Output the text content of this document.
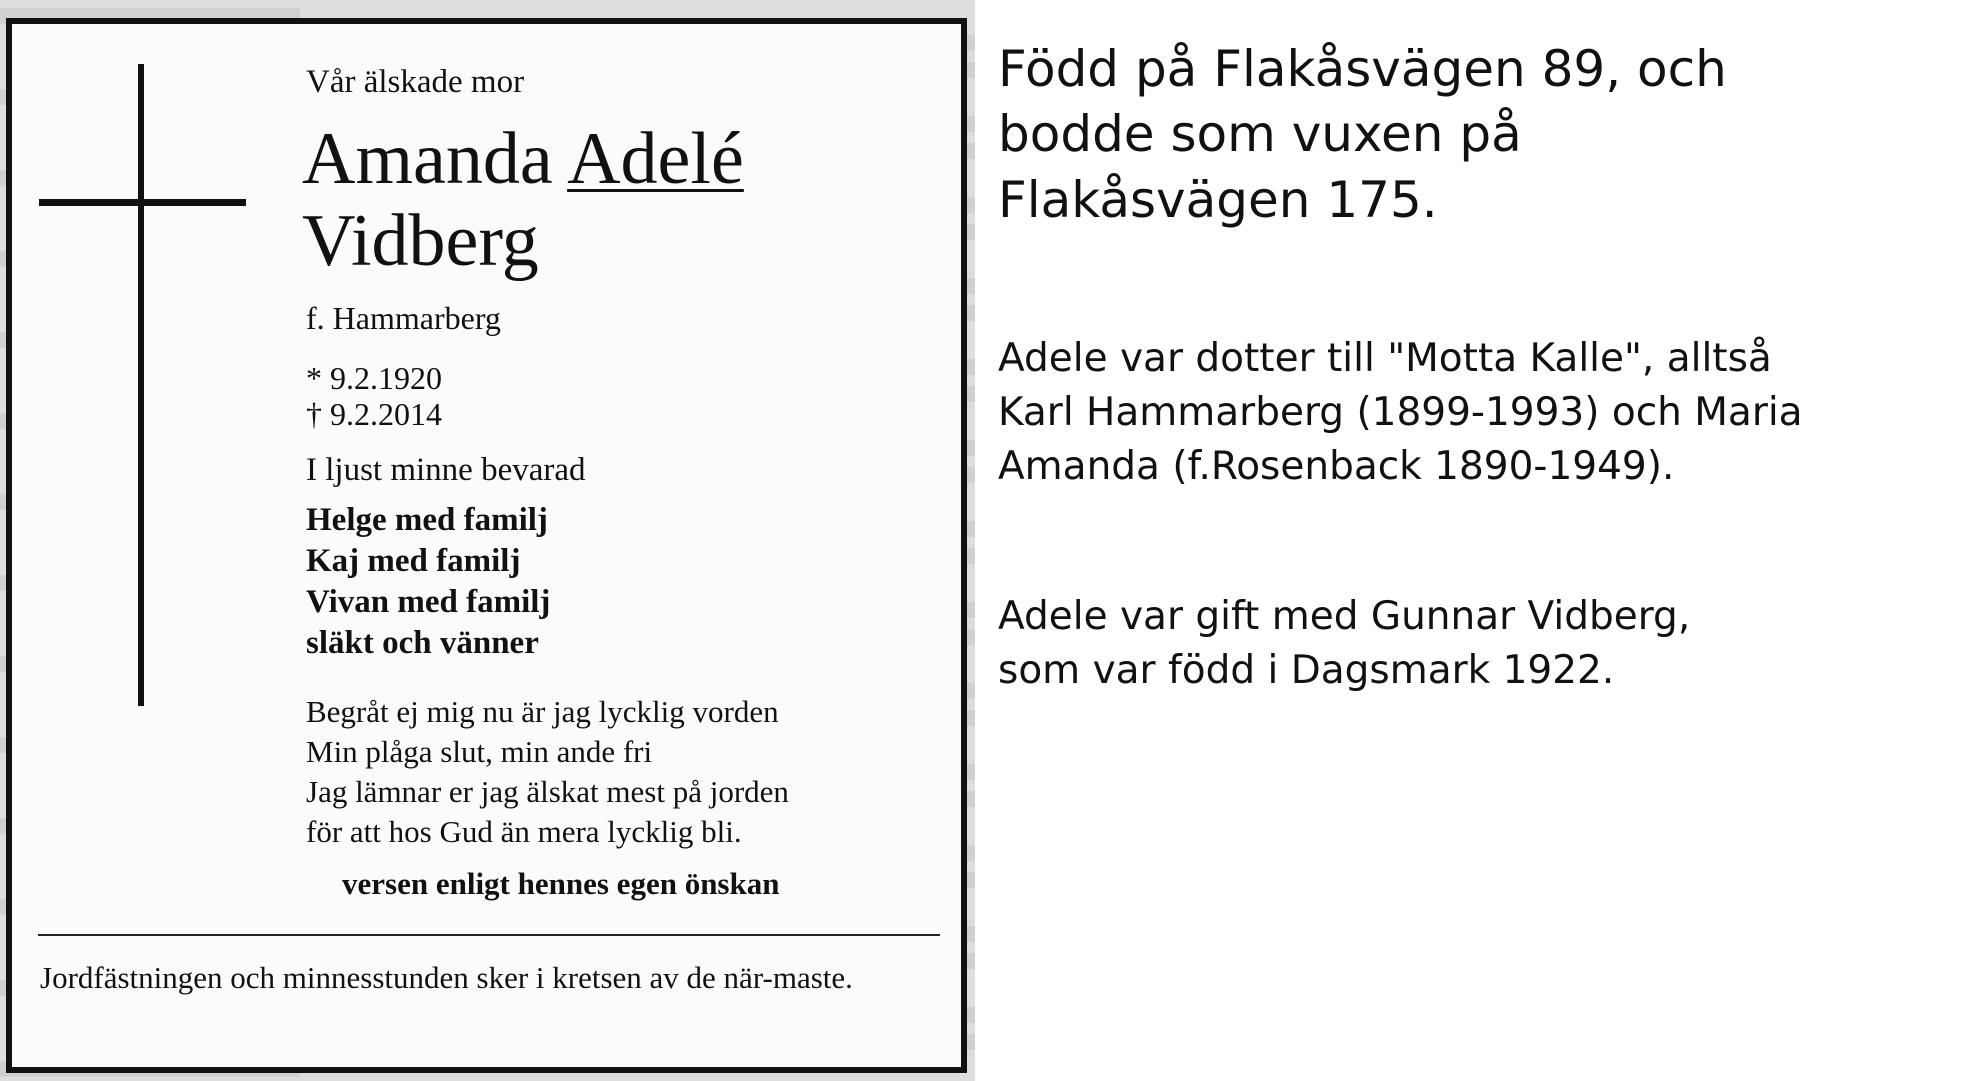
Vår älskade mor
Amanda Adelé
Vidberg
f. Hammarberg
* 9.2.1920
† 9.2.2014
I ljust minne bevarad
Helge med familj
Kaj med familj
Vivan med familj
släkt och vänner
Begråt ej mig nu är jag lycklig vorden
Min plåga slut, min ande fri
Jag lämnar er jag älskat mest på jorden
för att hos Gud än mera lycklig bli.
versen enligt hennes egen önskan
Jordfästningen och minnesstunden sker i kretsen av de när-maste.
Född på Flakåsvägen 89, och
bodde som vuxen på
Flakåsvägen 175.
Adele var dotter till "Motta Kalle", alltså
Karl Hammarberg (1899-1993) och Maria
Amanda (f.Rosenback 1890-1949).
Adele var gift med Gunnar Vidberg,
som var född i Dagsmark 1922.
